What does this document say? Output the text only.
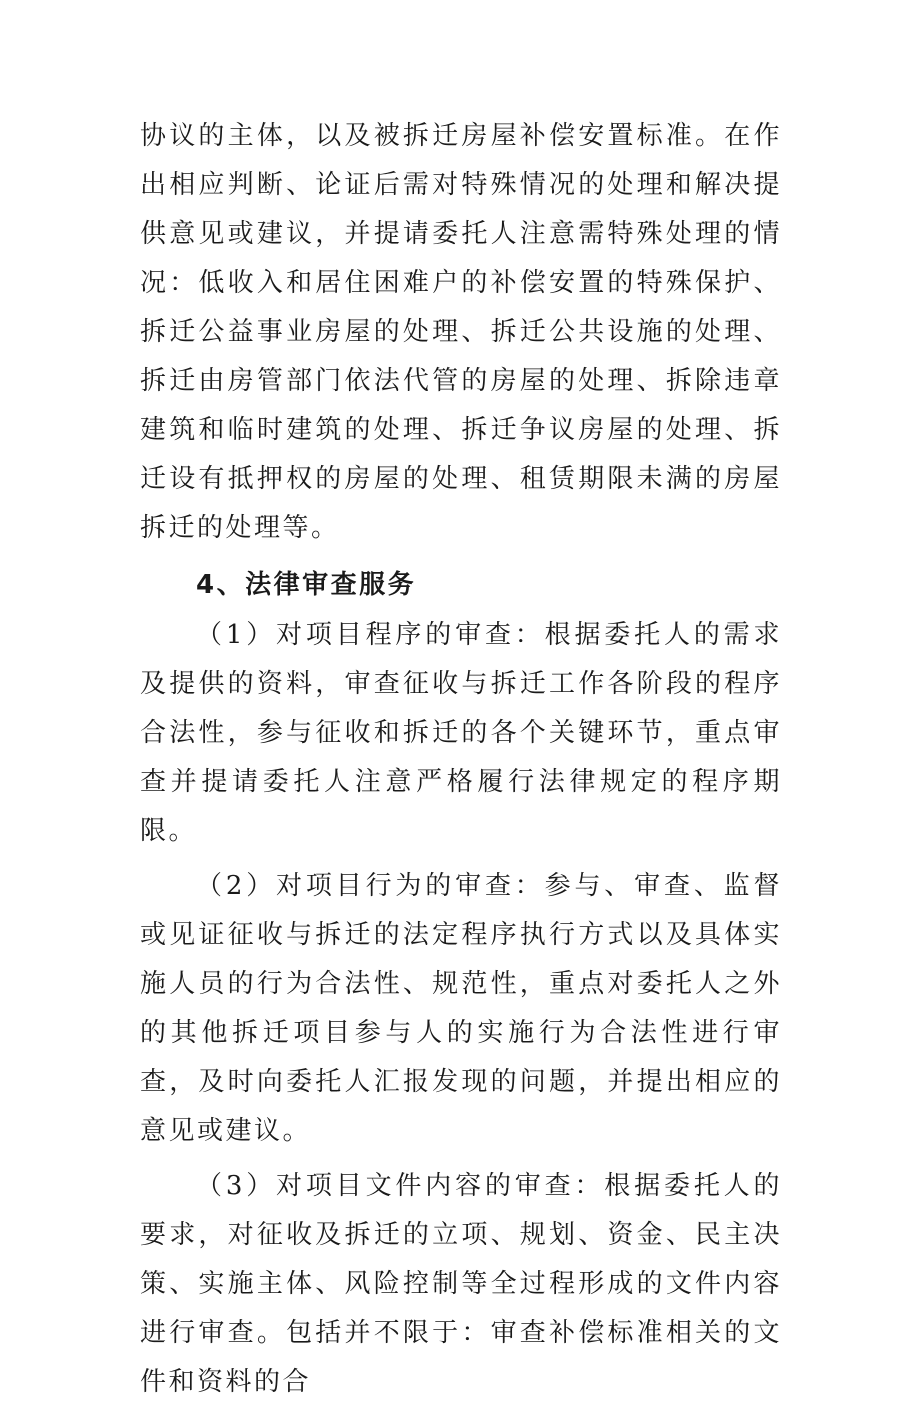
协议的主体，以及被拆迁房屋补偿安置标准。在作出相应判断、论证后需对特殊情况的处理和解决提供意见或建议，并提请委托人注意需特殊处理的情况：低收入和居住困难户的补偿安置的特殊保护、拆迁公益事业房屋的处理、拆迁公共设施的处理、拆迁由房管部门依法代管的房屋的处理、拆除违章建筑和临时建筑的处理、拆迁争议房屋的处理、拆迁设有抵押权的房屋的处理、租赁期限未满的房屋拆迁的处理等。

4、法律审查服务

（1）对项目程序的审查：根据委托人的需求及提供的资料，审查征收与拆迁工作各阶段的程序合法性，参与征收和拆迁的各个关键环节，重点审查并提请委托人注意严格履行法律规定的程序期限。

（2）对项目行为的审查：参与、审查、监督或见证征收与拆迁的法定程序执行方式以及具体实施人员的行为合法性、规范性，重点对委托人之外的其他拆迁项目参与人的实施行为合法性进行审查，及时向委托人汇报发现的问题，并提出相应的意见或建议。

（3）对项目文件内容的审查：根据委托人的要求，对征收及拆迁的立项、规划、资金、民主决策、实施主体、风险控制等全过程形成的文件内容进行审查。包括并不限于：审查补偿标准相关的文件和资料的合
